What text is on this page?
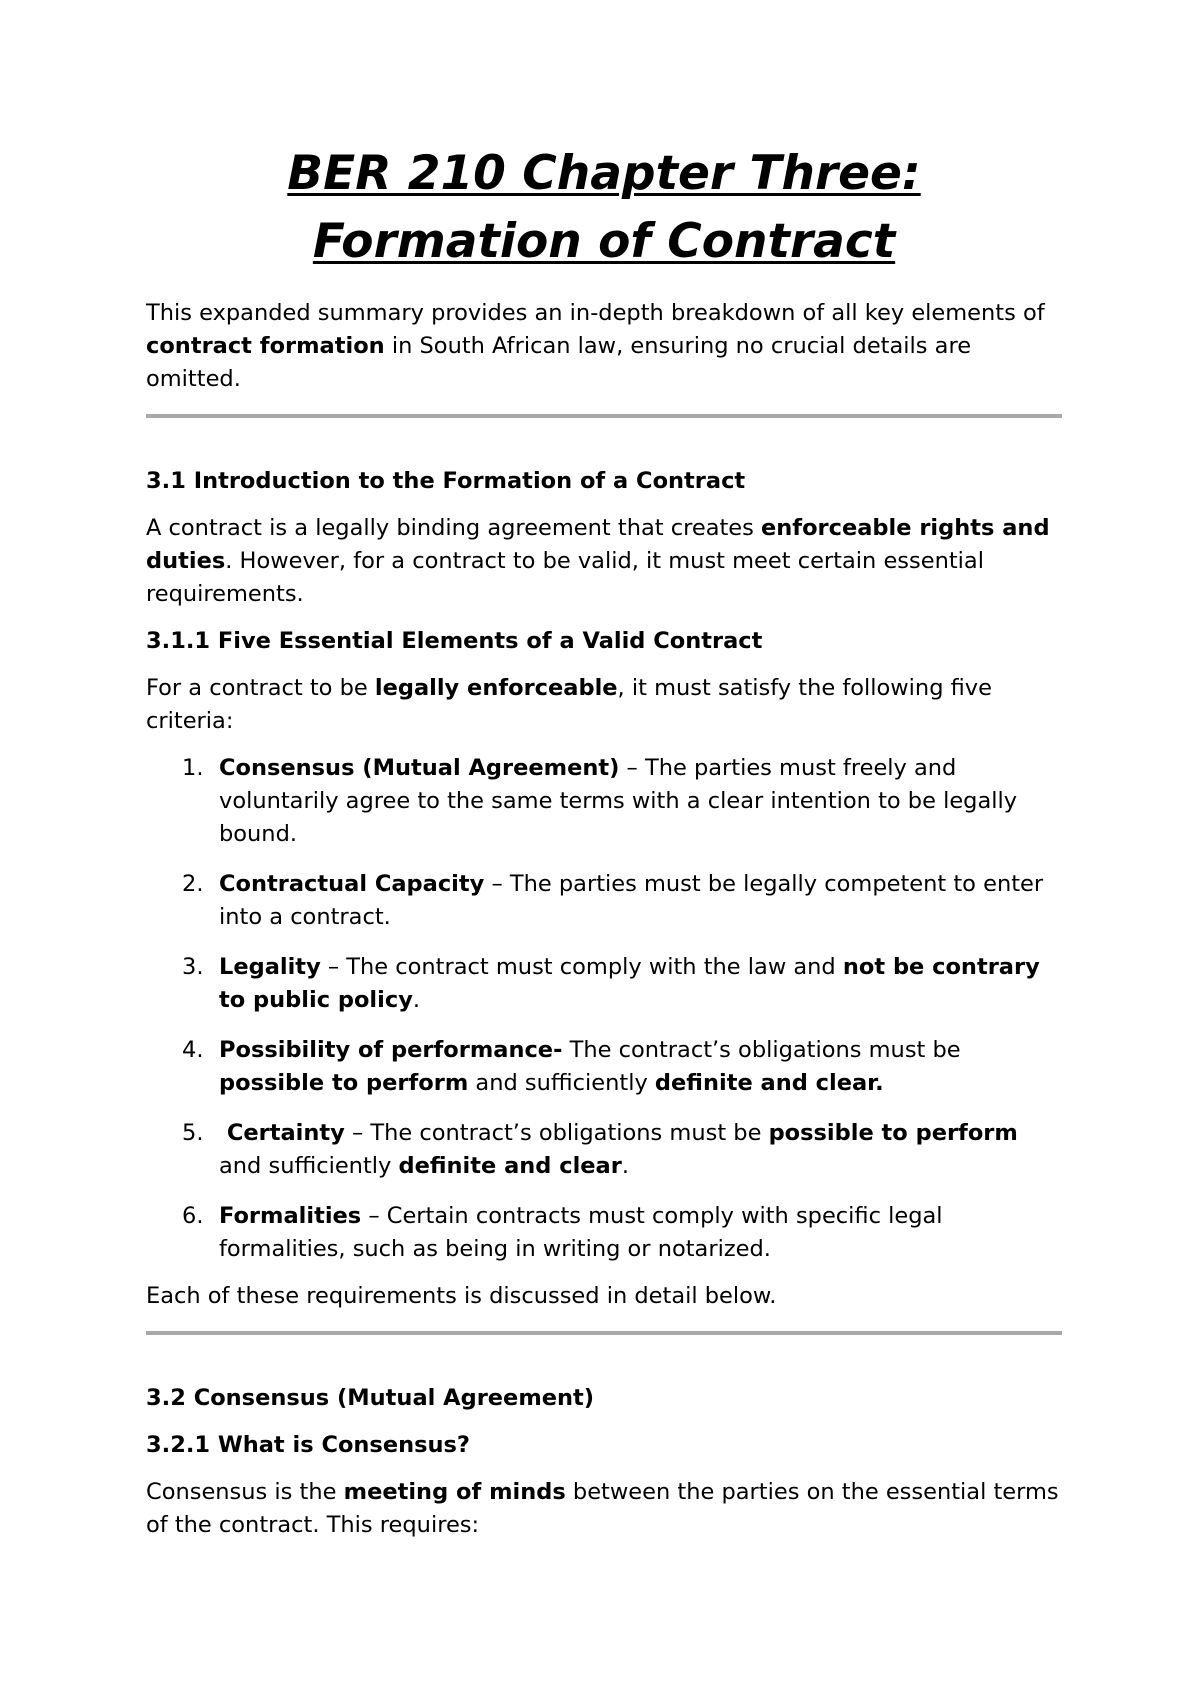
BER 210 Chapter Three:
Formation of Contract

This expanded summary provides an in-depth breakdown of all key elements of contract formation in South African law, ensuring no crucial details are omitted.

3.1 Introduction to the Formation of a Contract

A contract is a legally binding agreement that creates enforceable rights and duties. However, for a contract to be valid, it must meet certain essential requirements.

3.1.1 Five Essential Elements of a Valid Contract

For a contract to be legally enforceable, it must satisfy the following five criteria:

1. Consensus (Mutual Agreement) – The parties must freely and voluntarily agree to the same terms with a clear intention to be legally bound.
2. Contractual Capacity – The parties must be legally competent to enter into a contract.
3. Legality – The contract must comply with the law and not be contrary to public policy.
4. Possibility of performance- The contract’s obligations must be possible to perform and sufficiently definite and clear.
5. Certainty – The contract’s obligations must be possible to perform and sufficiently definite and clear.
6. Formalities – Certain contracts must comply with specific legal formalities, such as being in writing or notarized.

Each of these requirements is discussed in detail below.

3.2 Consensus (Mutual Agreement)
3.2.1 What is Consensus?

Consensus is the meeting of minds between the parties on the essential terms of the contract. This requires:
